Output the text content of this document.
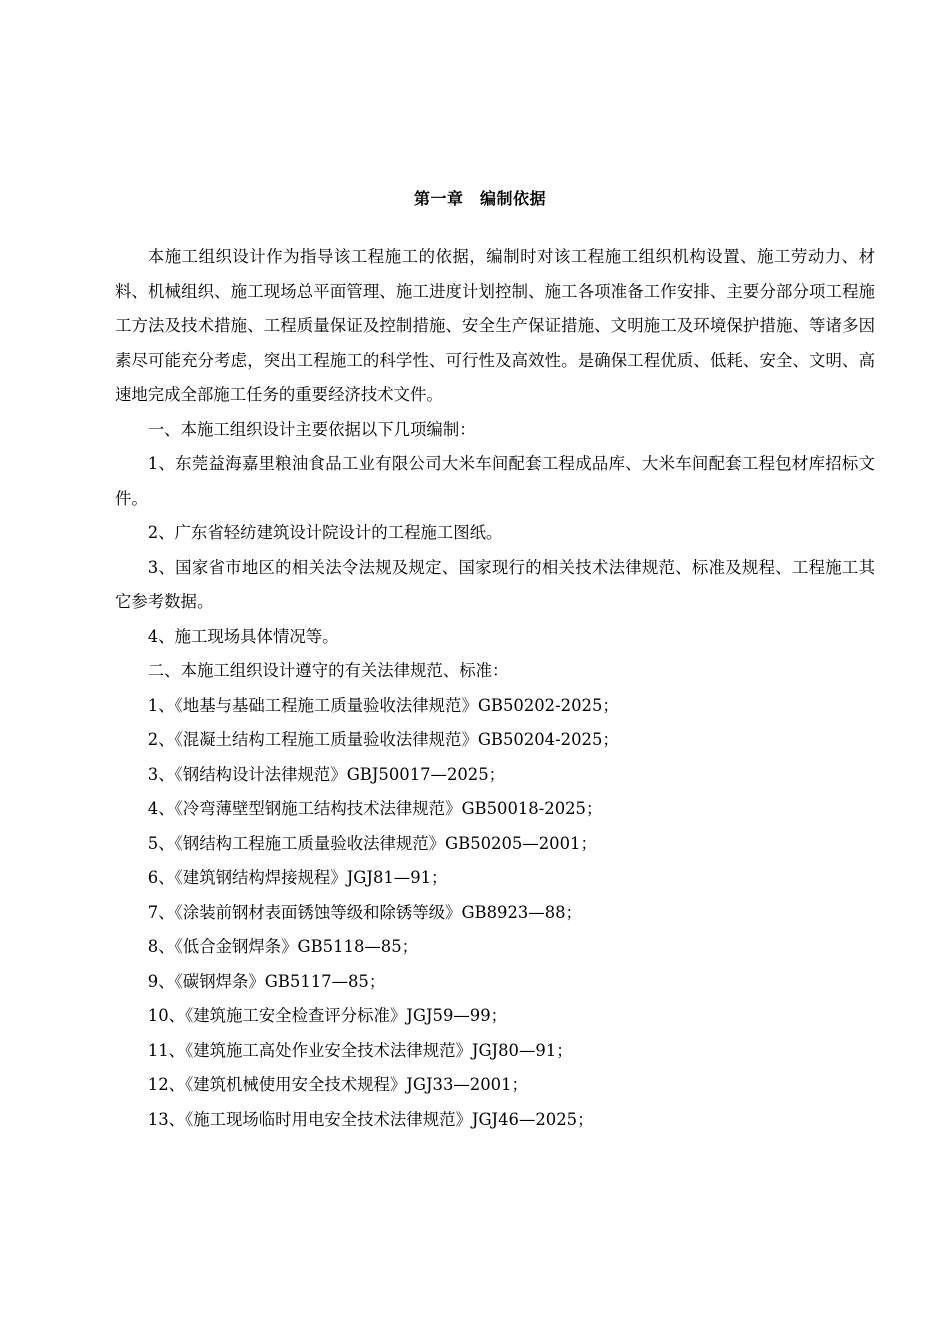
第一章　编制依据

本施工组织设计作为指导该工程施工的依据，编制时对该工程施工组织机构设置、施工劳动力、材料、机械组织、施工现场总平面管理、施工进度计划控制、施工各项准备工作安排、主要分部分项工程施工方法及技术措施、工程质量保证及控制措施、安全生产保证措施、文明施工及环境保护措施、等诸多因素尽可能充分考虑，突出工程施工的科学性、可行性及高效性。是确保工程优质、低耗、安全、文明、高速地完成全部施工任务的重要经济技术文件。

一、本施工组织设计主要依据以下几项编制：

1、东莞益海嘉里粮油食品工业有限公司大米车间配套工程成品库、大米车间配套工程包材库招标文件。

2、广东省轻纺建筑设计院设计的工程施工图纸。

3、国家省市地区的相关法令法规及规定、国家现行的相关技术法律规范、标准及规程、工程施工其它参考数据。

4、施工现场具体情况等。

二、本施工组织设计遵守的有关法律规范、标准：

1、《地基与基础工程施工质量验收法律规范》GB50202-2025；

2、《混凝土结构工程施工质量验收法律规范》GB50204-2025；

3、《钢结构设计法律规范》GBJ50017—2025；

4、《冷弯薄壁型钢施工结构技术法律规范》GB50018-2025；

5、《钢结构工程施工质量验收法律规范》GB50205—2001；

6、《建筑钢结构焊接规程》JGJ81—91；

7、《涂装前钢材表面锈蚀等级和除锈等级》GB8923—88；

8、《低合金钢焊条》GB5118—85；

9、《碳钢焊条》GB5117—85；

10、《建筑施工安全检查评分标准》JGJ59—99；

11、《建筑施工高处作业安全技术法律规范》JGJ80—91；

12、《建筑机械使用安全技术规程》JGJ33—2001；

13、《施工现场临时用电安全技术法律规范》JGJ46—2025；
